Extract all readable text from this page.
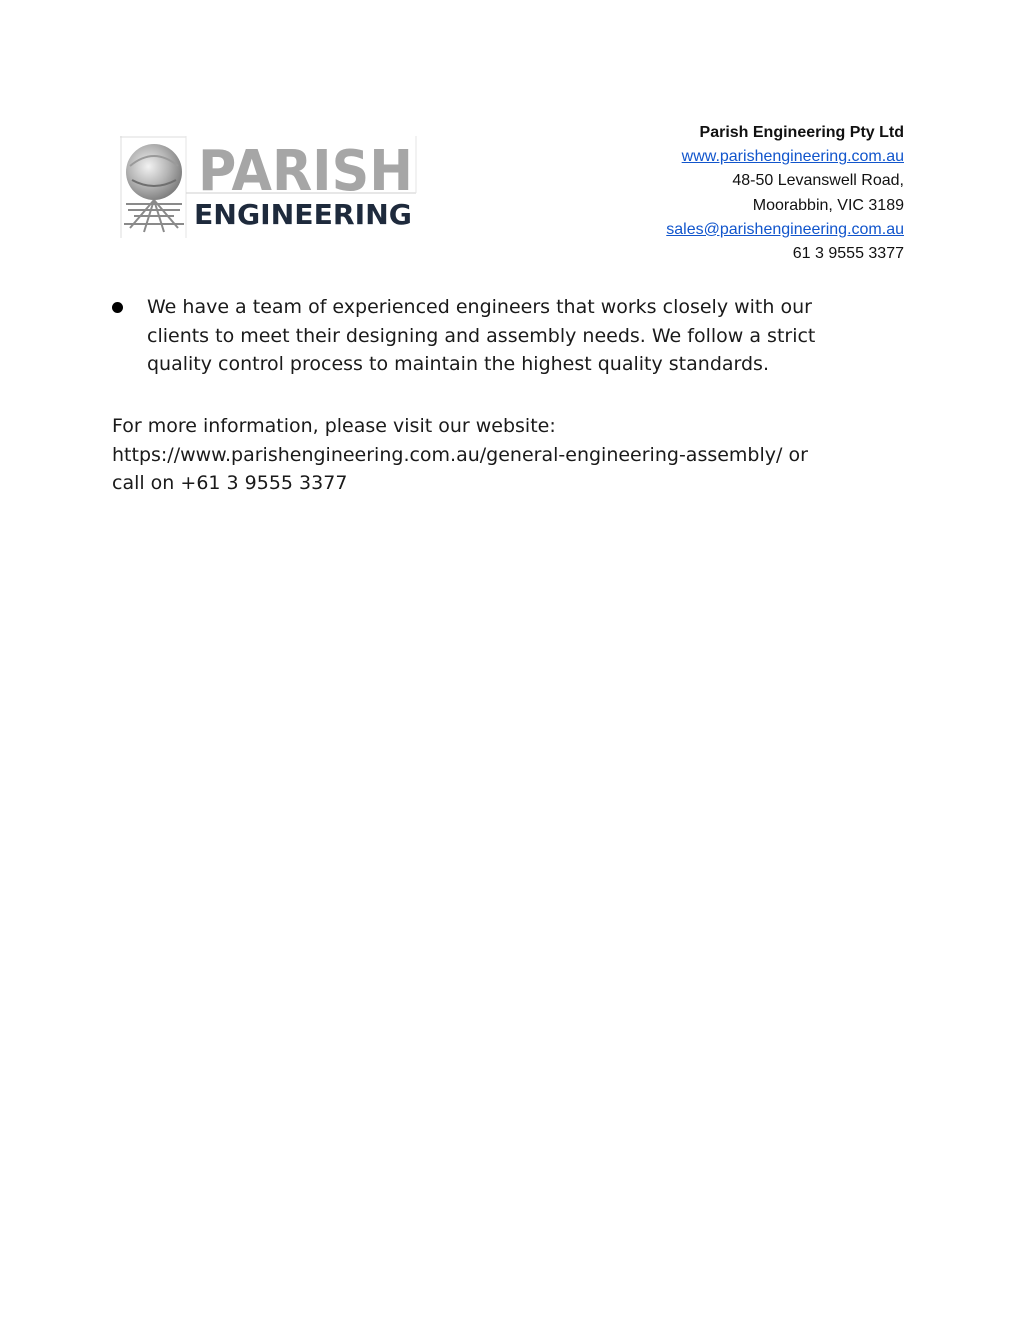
PARISH
ENGINEERING
Parish Engineering Pty Ltd
www.parishengineering.com.au
48-50 Levanswell Road,
Moorabbin, VIC 3189
sales@parishengineering.com.au
61 3 9555 3377
We have a team of experienced engineers that works closely with our clients to meet their designing and assembly needs. We follow a strict quality control process to maintain the highest quality standards.
For more information, please visit our website:
https://www.parishengineering.com.au/general-engineering-assembly/ or
call on +61 3 9555 3377
